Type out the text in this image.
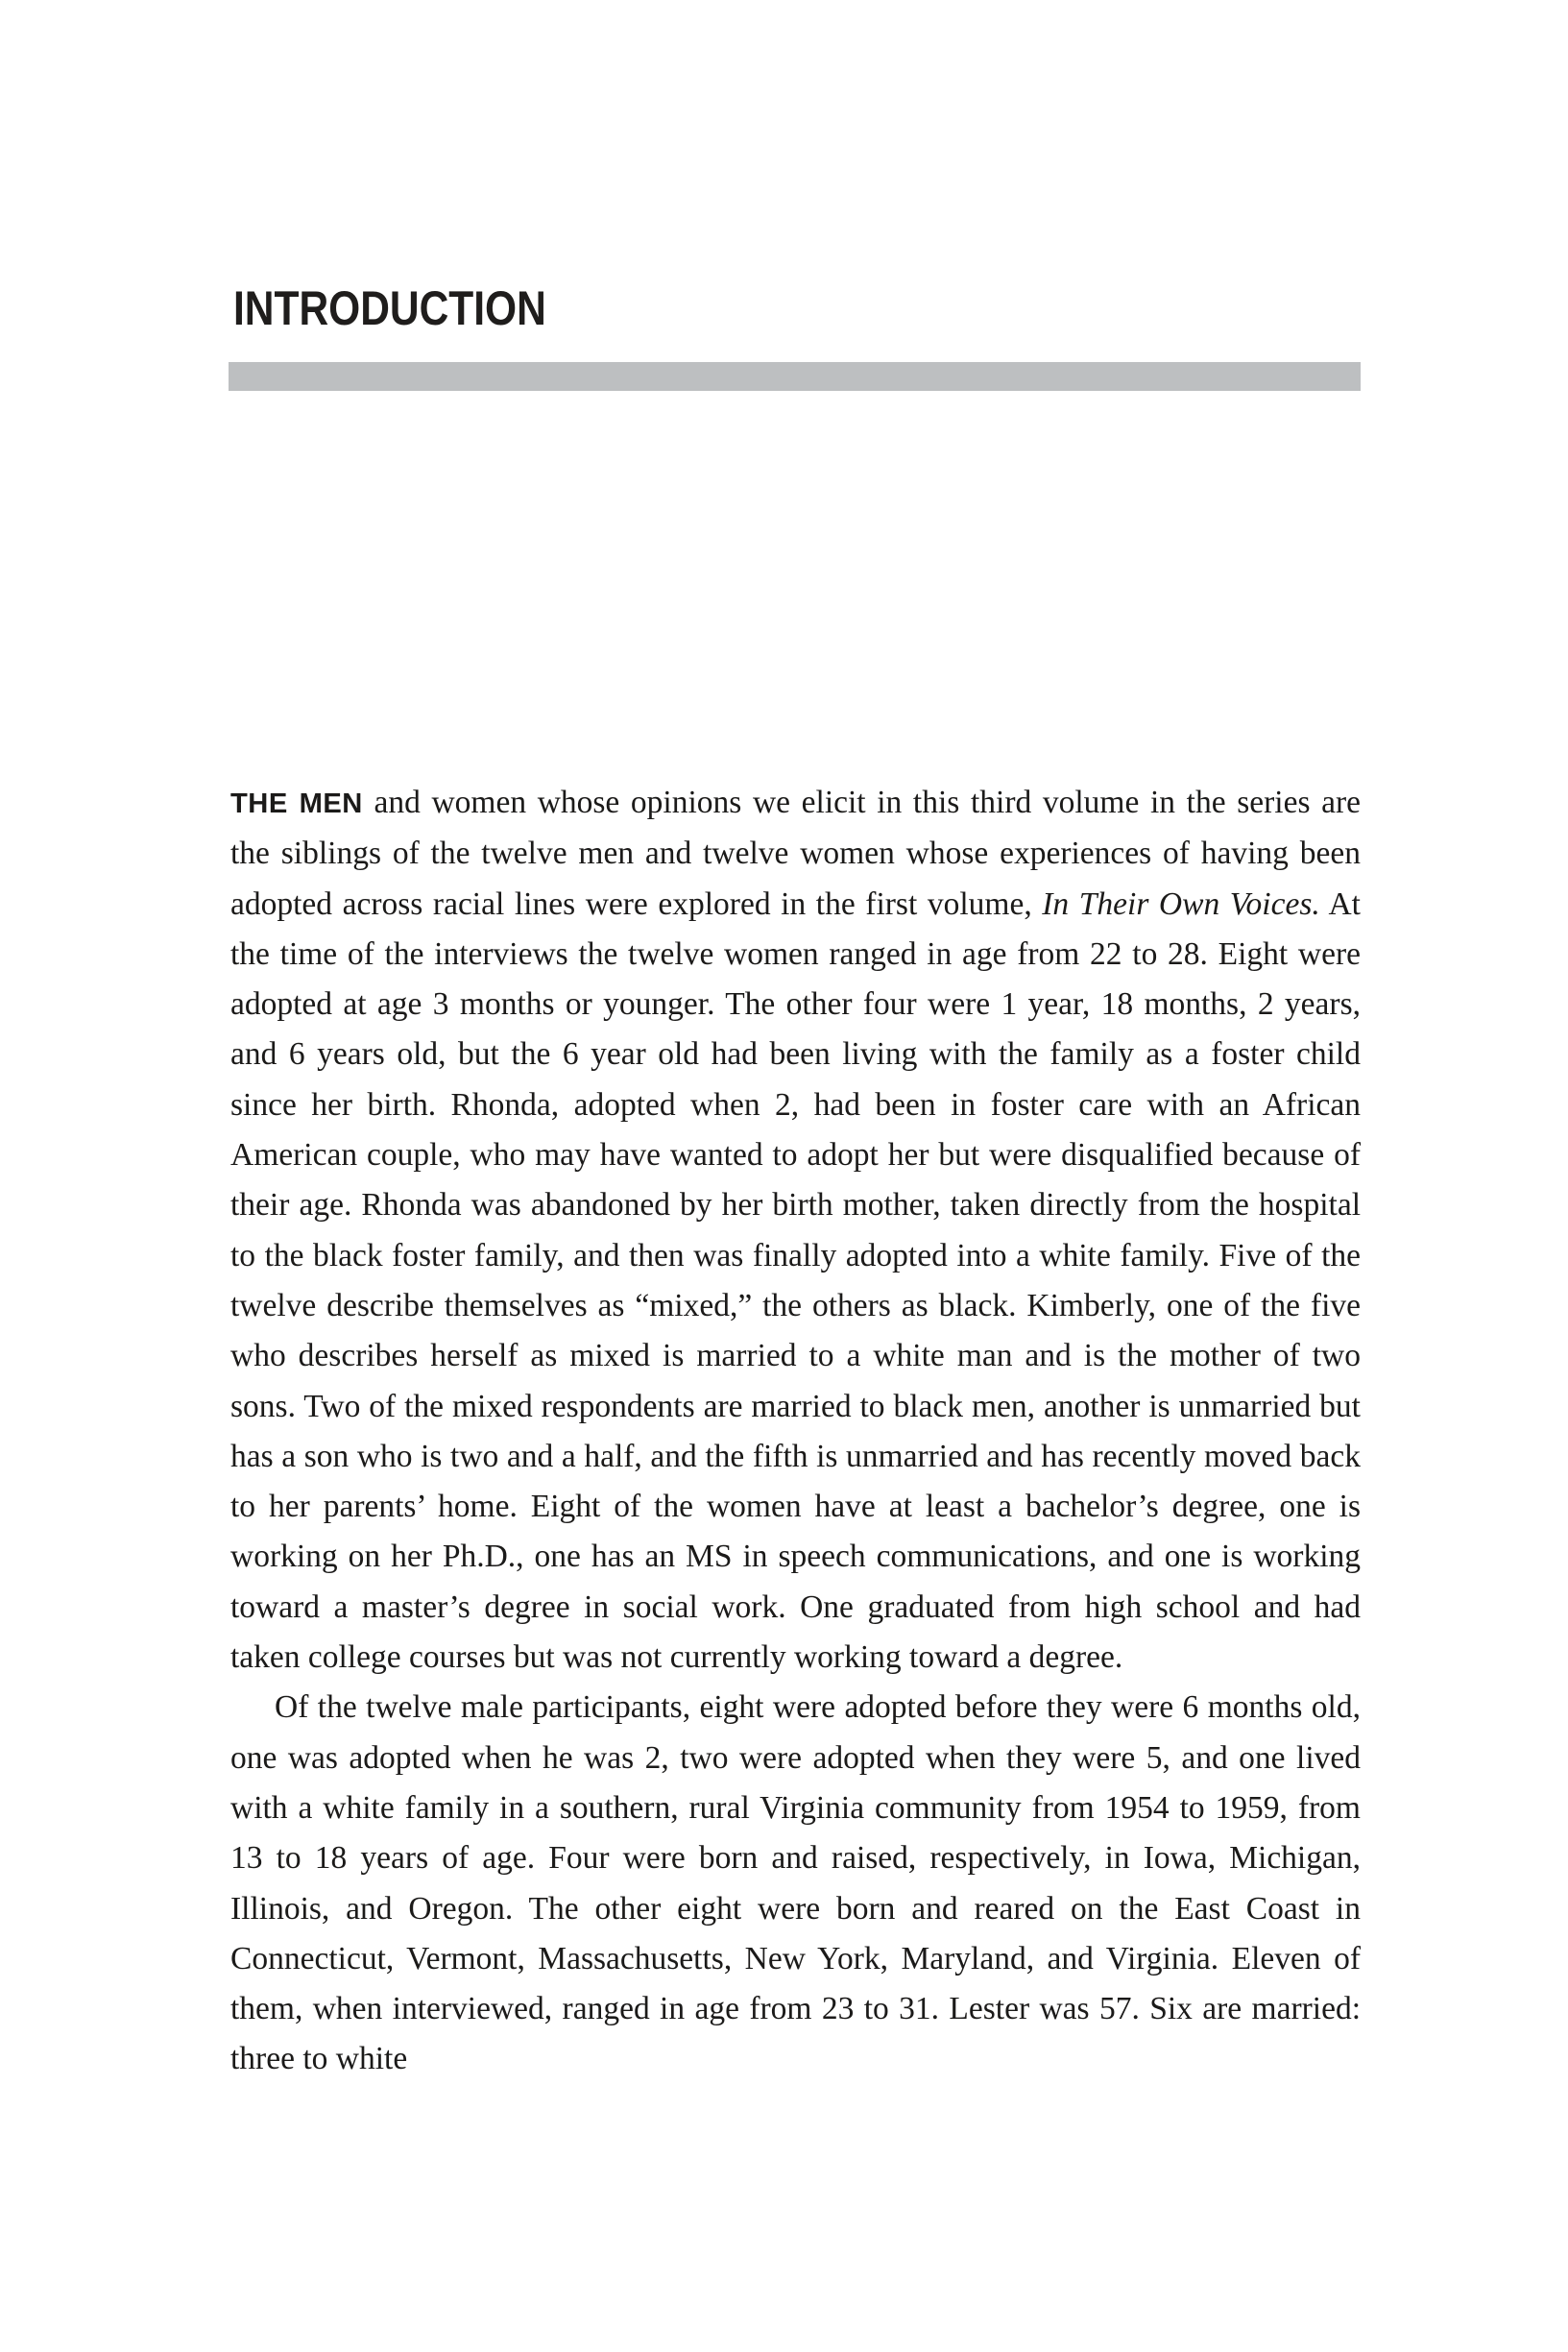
INTRODUCTION

THE MEN and women whose opinions we elicit in this third volume in the series are the siblings of the twelve men and twelve women whose experiences of having been adopted across racial lines were explored in the first volume, In Their Own Voices. At the time of the interviews the twelve women ranged in age from 22 to 28. Eight were adopted at age 3 months or younger. The other four were 1 year, 18 months, 2 years, and 6 years old, but the 6 year old had been living with the family as a foster child since her birth. Rhonda, adopted when 2, had been in foster care with an African American couple, who may have wanted to adopt her but were disqualified because of their age. Rhonda was abandoned by her birth mother, taken directly from the hospital to the black foster family, and then was finally adopted into a white family. Five of the twelve describe themselves as “mixed,” the others as black. Kimberly, one of the five who describes herself as mixed is married to a white man and is the mother of two sons. Two of the mixed respondents are married to black men, another is unmarried but has a son who is two and a half, and the fifth is unmarried and has recently moved back to her parents’ home. Eight of the women have at least a bachelor’s degree, one is working on her Ph.D., one has an MS in speech communications, and one is working toward a master’s degree in social work. One graduated from high school and had taken college courses but was not currently working toward a degree.

Of the twelve male participants, eight were adopted before they were 6 months old, one was adopted when he was 2, two were adopted when they were 5, and one lived with a white family in a southern, rural Virginia community from 1954 to 1959, from 13 to 18 years of age. Four were born and raised, respectively, in Iowa, Michigan, Illinois, and Oregon. The other eight were born and reared on the East Coast in Connecticut, Vermont, Massachusetts, New York, Maryland, and Virginia. Eleven of them, when interviewed, ranged in age from 23 to 31. Lester was 57. Six are married: three to white
